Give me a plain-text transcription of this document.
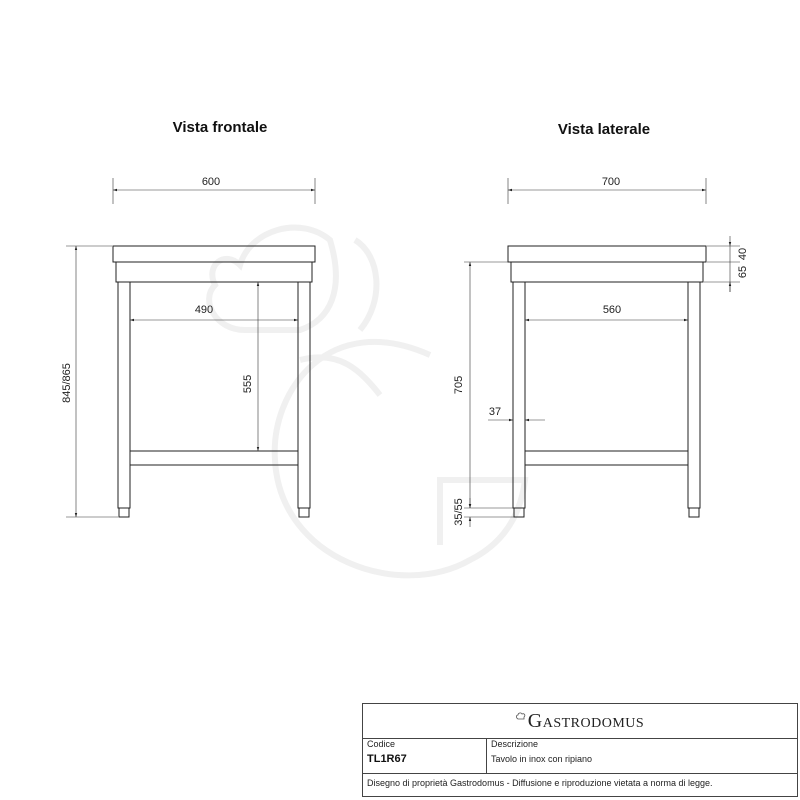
Vista frontale
600
490
555
845/865
Vista laterale
700
560
40
65
705
37
35/55
GASTRODOMUS
Codice
TL1R67
Descrizione
Tavolo in inox con ripiano
Disegno di proprietà Gastrodomus - Diffusione e riproduzione vietata a norma di legge.
